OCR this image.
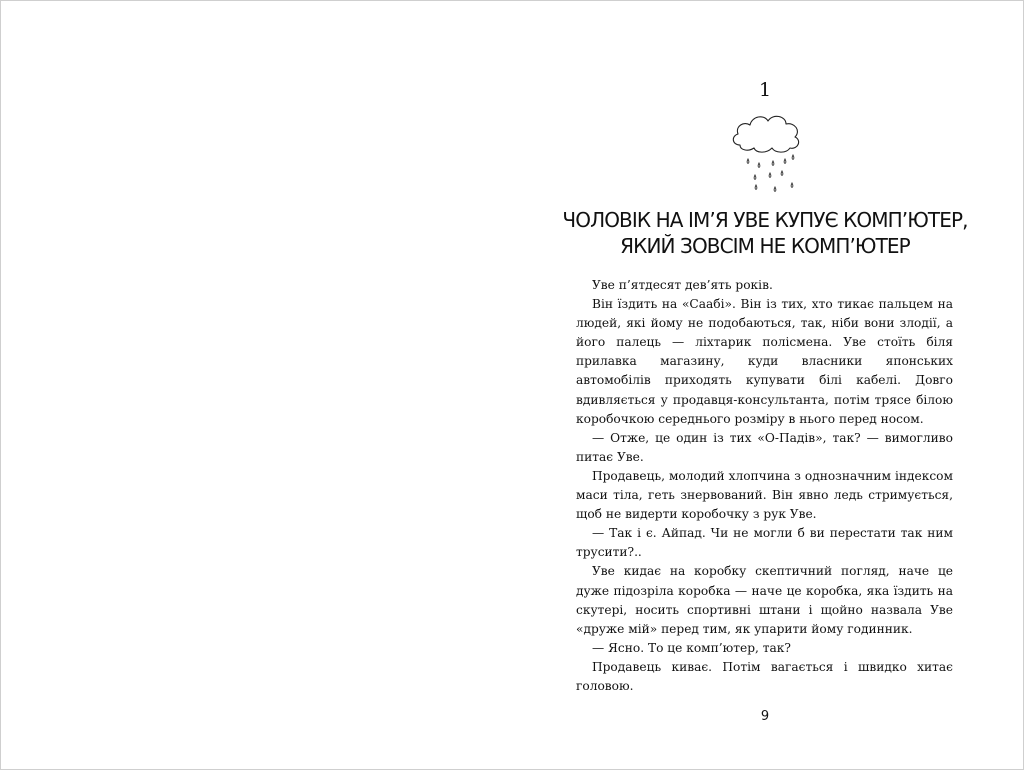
1
ЧОЛОВІК НА ІМ’Я УВЕ КУПУЄ КОМП’ЮТЕР,
ЯКИЙ ЗОВСІМ НЕ КОМП’ЮТЕР

Уве п’ятдесят дев’ять років.

Він їздить на «Саабі». Він із тих, хто тикає пальцем на людей, які йому не подобаються, так, ніби вони злодії, а його палець — ліхтарик полісмена. Уве стоїть біля прилавка магазину, куди власники японських автомобілів приходять купувати білі кабелі. Довго вдивляється у продавця-консультанта, потім трясе білою коробочкою середнього розміру в нього перед носом.

— Отже, це один із тих «О-Падів», так? — вимогливо питає Уве.

Продавець, молодий хлопчина з однозначним індексом маси тіла, геть знервований. Він явно ледь стримується, щоб не видерти коробочку з рук Уве.

— Так і є. Айпад. Чи не могли б ви перестати так ним трусити?..

Уве кидає на коробку скептичний погляд, наче це дуже підозріла коробка — наче це коробка, яка їздить на скутері, носить спортивні штани і щойно назвала Уве «друже мій» перед тим, як упарити йому годинник.

— Ясно. То це комп’ютер, так?

Продавець киває. Потім вагається і швидко хитає головою.

9
